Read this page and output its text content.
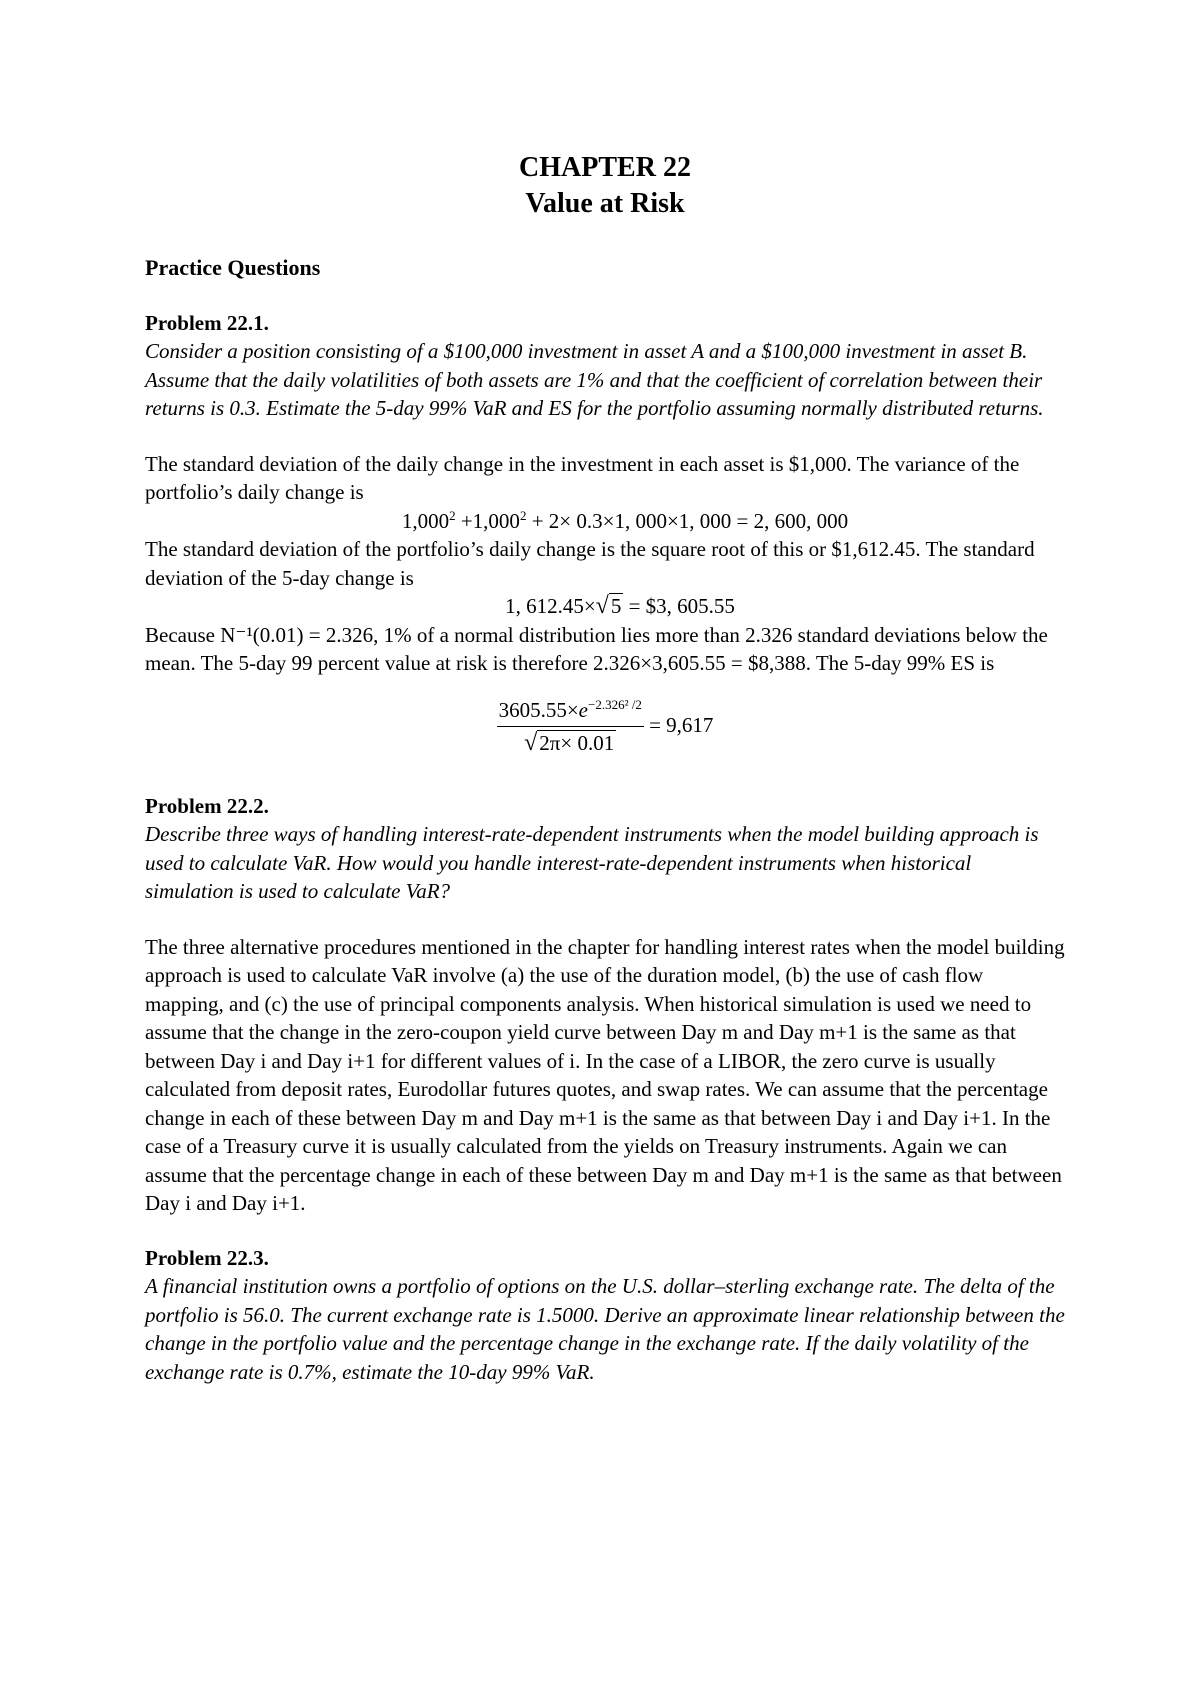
CHAPTER 22
Value at Risk
Practice Questions
Problem 22.1.

Consider a position consisting of a $100,000 investment in asset A and a $100,000 investment in asset B. Assume that the daily volatilities of both assets are 1% and that the coefficient of correlation between their returns is 0.3. Estimate the 5-day 99% VaR and ES for the portfolio assuming normally distributed returns.

The standard deviation of the daily change in the investment in each asset is $1,000. The variance of the portfolio’s daily change is

$1,000^2 +1,000^2 + 2\times 0.3\times 1$, 000×1, 000 = 2, 600, 000

The standard deviation of the portfolio’s daily change is the square root of this or $1,612.45. The standard deviation of the 5-day change is

1, 612.45×√5 = $3, 605.55

Because N⁻¹(0.01) = 2.326, 1% of a normal distribution lies more than 2.326 standard deviations below the mean. The 5-day 99 percent value at risk is therefore 2.326×3,605.55 = $8,388. The 5-day 99% ES is

$\frac{3605.55\times e^{-2.326^2 /2}}{√2\pi\times 0.01} = 9,617$
Problem 22.2.

Describe three ways of handling interest-rate-dependent instruments when the model building approach is used to calculate VaR. How would you handle interest-rate-dependent instruments when historical simulation is used to calculate VaR?

The three alternative procedures mentioned in the chapter for handling interest rates when the model building approach is used to calculate VaR involve (a) the use of the duration model, (b) the use of cash flow mapping, and (c) the use of principal components analysis. When historical simulation is used we need to assume that the change in the zero-coupon yield curve between Day m and Day m+1 is the same as that between Day i and Day i+1 for different values of i. In the case of a LIBOR, the zero curve is usually calculated from deposit rates, Eurodollar futures quotes, and swap rates. We can assume that the percentage change in each of these between Day m and Day m+1 is the same as that between Day i and Day i+1. In the case of a Treasury curve it is usually calculated from the yields on Treasury instruments. Again we can assume that the percentage change in each of these between Day m and Day m+1 is the same as that between Day i and Day i+1.

Problem 22.3.

A financial institution owns a portfolio of options on the U.S. dollar–sterling exchange rate. The delta of the portfolio is 56.0. The current exchange rate is 1.5000. Derive an approximate linear relationship between the change in the portfolio value and the percentage change in the exchange rate. If the daily volatility of the exchange rate is 0.7%, estimate the 10-day 99% VaR.
